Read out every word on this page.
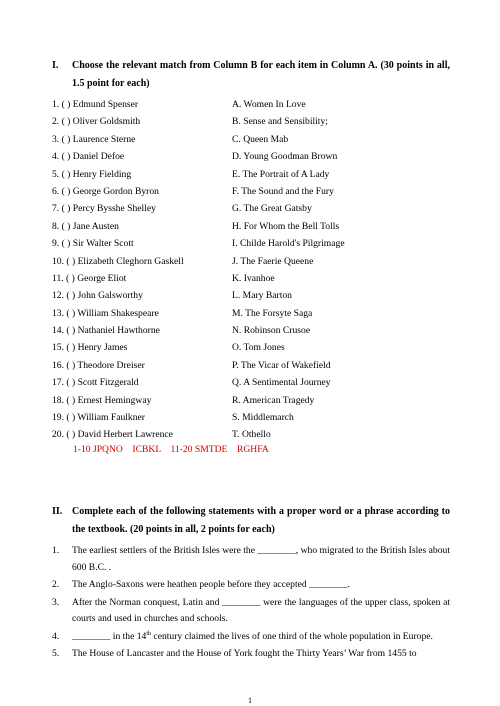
I. Choose the relevant match from Column B for each item in Column A. (30 points in all, 1.5 point for each)
1. ( ) Edmund Spenser	A. Women In Love
2. ( ) Oliver Goldsmith	B. Sense and Sensibility;
3. ( ) Laurence Sterne	C. Queen Mab
4. ( ) Daniel Defoe	D. Young Goodman Brown
5. ( ) Henry Fielding	E. The Portrait of A Lady
6. ( ) George Gordon Byron	F. The Sound and the Fury
7. ( ) Percy Bysshe Shelley	G. The Great Gatsby
8. ( ) Jane Austen	H. For Whom the Bell Tolls
9. ( ) Sir Walter Scott	I. Childe Harold's Pilgrimage
10. ( ) Elizabeth Cleghorn Gaskell	J. The Faerie Queene
11. ( ) George Eliot	K. Ivanhoe
12. ( ) John Galsworthy	L. Mary Barton
13. ( ) William Shakespeare	M. The Forsyte Saga
14. ( ) Nathaniel Hawthorne	N. Robinson Crusoe
15. ( ) Henry James	O. Tom Jones
16. ( ) Theodore Dreiser	P. The Vicar of Wakefield
17. ( ) Scott Fitzgerald	Q. A Sentimental Journey
18. ( ) Ernest Hemingway	R. American Tragedy
19. ( ) William Faulkner	S. Middlemarch
20. ( ) David Herbert Lawrence	T. Othello
1-10 JPQNO    ICBKL    11-20 SMTDE    RGHFA
II. Complete each of the following statements with a proper word or a phrase according to the textbook. (20 points in all, 2 points for each)
1. The earliest settlers of the British Isles were the ________, who migrated to the British Isles about 600 B.C. .
2. The Anglo-Saxons were heathen people before they accepted ________.
3. After the Norman conquest, Latin and ________ were the languages of the upper class, spoken at courts and used in churches and schools.
4. ________ in the 14th century claimed the lives of one third of the whole population in Europe.
5. The House of Lancaster and the House of York fought the Thirty Years’ War from 1455 to
1
